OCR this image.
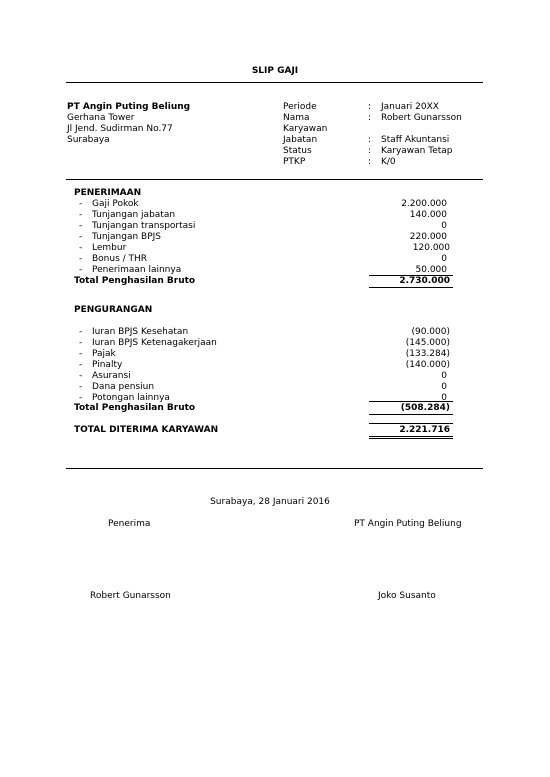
SLIP GAJI
PT Angin Puting Beliung
Gerhana Tower
Jl Jend. Sudirman No.77
Surabaya
Periode	: Januari 20XX
Nama	: Robert Gunarsson
Karyawan
Jabatan	: Staff Akuntansi
Status	: Karyawan Tetap
PTKP	: K/0
PENERIMAAN
- Gaji Pokok	2.200.000
- Tunjangan jabatan	140.000
- Tunjangan transportasi	0
- Tunjangan BPJS	220.000
- Lembur	120.000
- Bonus / THR	0
- Penerimaan lainnya	50.000
Total Penghasilan Bruto	2.730.000
PENGURANGAN
- Iuran BPJS Kesehatan	(90.000)
- Iuran BPJS Ketenagakerjaan	(145.000)
- Pajak	(133.284)
- Pinalty	(140.000)
- Asuransi	0
- Dana pensiun	0
- Potongan lainnya	0
Total Penghasilan Bruto	(508.284)
TOTAL DITERIMA KARYAWAN	2.221.716
Surabaya, 28 Januari 2016
Penerima	PT Angin Puting Beliung
Robert Gunarsson	Joko Susanto
